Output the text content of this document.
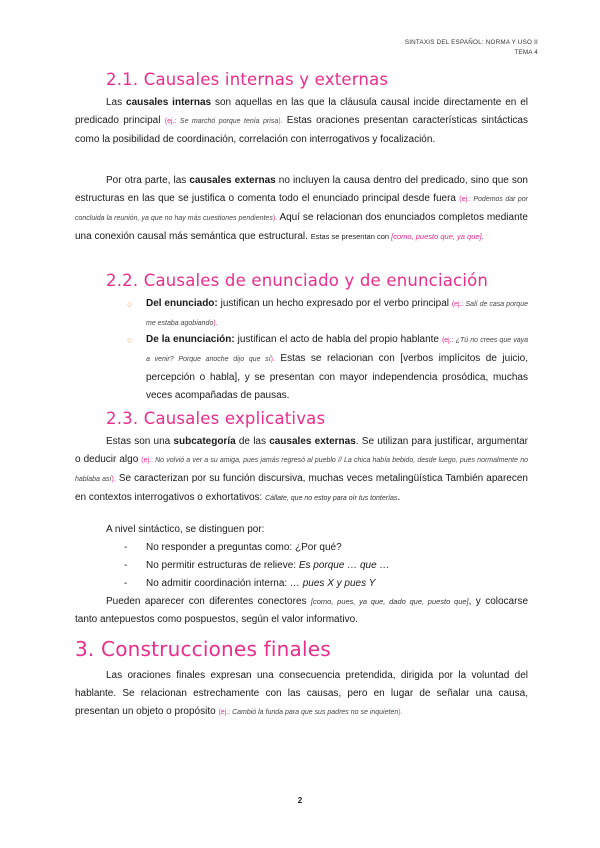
SINTAXIS DEL ESPAÑOL: NORMA Y USO II
TEMA 4
2.1. Causales internas y externas
Las causales internas son aquellas en las que la cláusula causal incide directamente en el predicado principal (ej.: Se marchó porque tenía prisa). Estas oraciones presentan características sintácticas como la posibilidad de coordinación, correlación con interrogativos y focalización.
Por otra parte, las causales externas no incluyen la causa dentro del predicado, sino que son estructuras en las que se justifica o comenta todo el enunciado principal desde fuera (ej.: Podemos dar por concluida la reunión, ya que no hay más cuestiones pendientes). Aquí se relacionan dos enunciados completos mediante una conexión causal más semántica que estructural. Estas se presentan con [como, puesto que, ya que].
2.2. Causales de enunciado y de enunciación
○ Del enunciado: justifican un hecho expresado por el verbo principal (ej.: Salí de casa porque me estaba agobiando).
○ De la enunciación: justifican el acto de habla del propio hablante (ej.: ¿Tú no crees que vaya a venir? Porque anoche dijo que sí). Estas se relacionan con [verbos implícitos de juicio, percepción o habla], y se presentan con mayor independencia prosódica, muchas veces acompañadas de pausas.
2.3. Causales explicativas
Estas son una subcategoría de las causales externas. Se utilizan para justificar, argumentar o deducir algo (ej.: No volvió a ver a su amiga, pues jamás regresó al pueblo // La chica había bebido, desde luego, pues normalmente no hablaba así). Se caracterizan por su función discursiva, muchas veces metalingüística También aparecen en contextos interrogativos o exhortativos: Cállate, que no estoy para oír tus tonterías.
A nivel sintáctico, se distinguen por:
- No responder a preguntas como: ¿Por qué?
- No permitir estructuras de relieve: Es porque … que …
- No admitir coordinación interna: … pues X y pues Y
Pueden aparecer con diferentes conectores [como, pues, ya que, dado que, puesto que], y colocarse tanto antepuestos como pospuestos, según el valor informativo.
3. Construcciones finales
Las oraciones finales expresan una consecuencia pretendida, dirigida por la voluntad del hablante. Se relacionan estrechamente con las causas, pero en lugar de señalar una causa, presentan un objeto o propósito (ej.: Cambió la funda para que sus padres no se inquieten).
2
